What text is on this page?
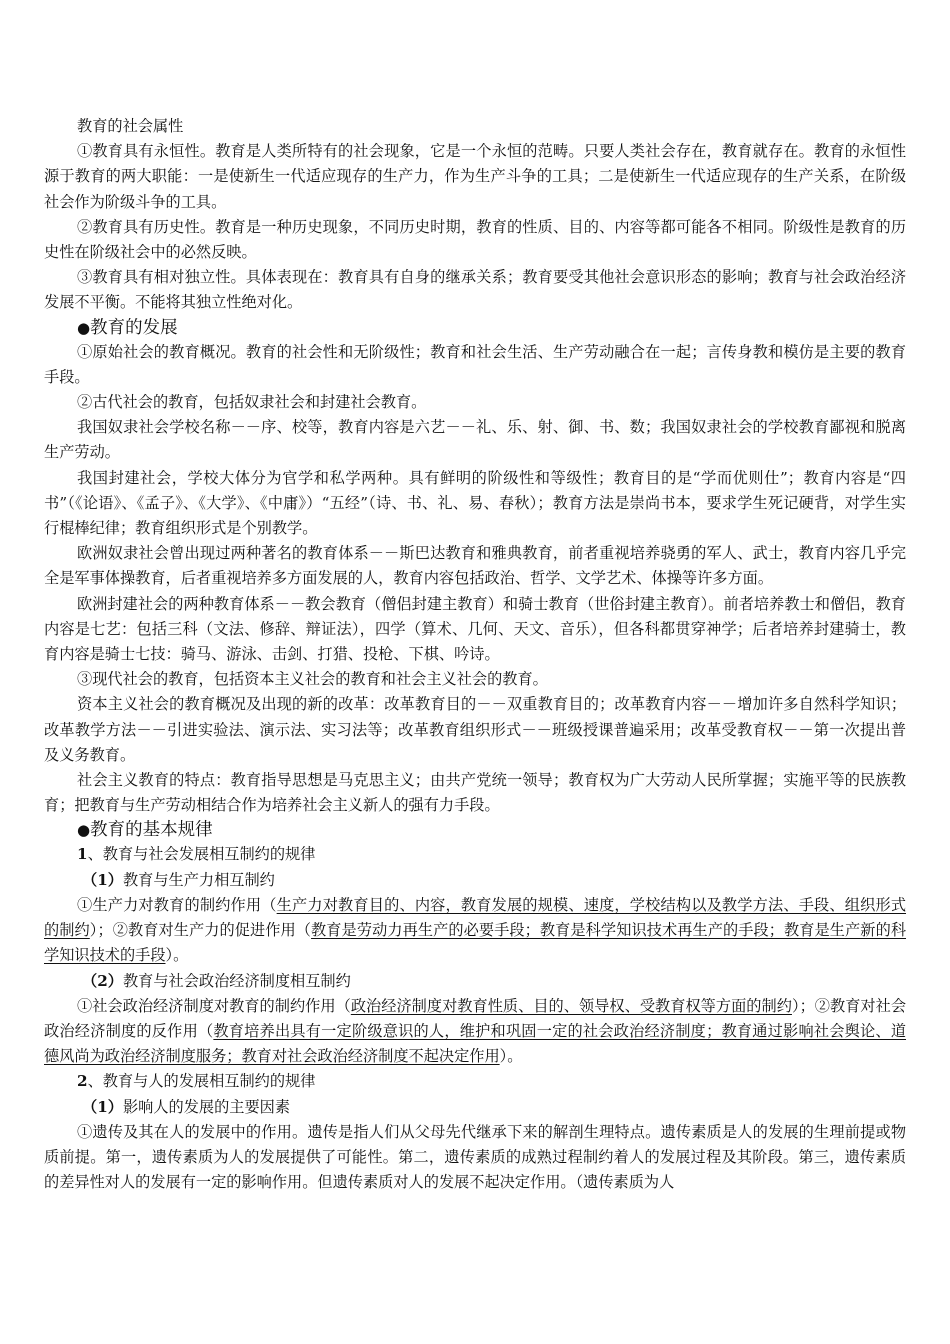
教育的社会属性

①教育具有永恒性。教育是人类所特有的社会现象，它是一个永恒的范畴。只要人类社会存在，教育就存在。教育的永恒性源于教育的两大职能：一是使新生一代适应现存的生产力，作为生产斗争的工具；二是使新生一代适应现存的生产关系，在阶级社会作为阶级斗争的工具。

②教育具有历史性。教育是一种历史现象，不同历史时期，教育的性质、目的、内容等都可能各不相同。阶级性是教育的历史性在阶级社会中的必然反映。

③教育具有相对独立性。具体表现在：教育具有自身的继承关系；教育要受其他社会意识形态的影响；教育与社会政治经济发展不平衡。不能将其独立性绝对化。

●教育的发展

①原始社会的教育概况。教育的社会性和无阶级性；教育和社会生活、生产劳动融合在一起；言传身教和模仿是主要的教育手段。

②古代社会的教育，包括奴隶社会和封建社会教育。

我国奴隶社会学校名称－－序、校等，教育内容是六艺－－礼、乐、射、御、书、数；我国奴隶社会的学校教育鄙视和脱离生产劳动。

我国封建社会，学校大体分为官学和私学两种。具有鲜明的阶级性和等级性；教育目的是“学而优则仕”；教育内容是“四书”（《论语》、《孟子》、《大学》、《中庸》）“五经”（诗、书、礼、易、春秋）；教育方法是崇尚书本，要求学生死记硬背，对学生实行棍棒纪律；教育组织形式是个别教学。

欧洲奴隶社会曾出现过两种著名的教育体系－－斯巴达教育和雅典教育，前者重视培养骁勇的军人、武士，教育内容几乎完全是军事体操教育，后者重视培养多方面发展的人，教育内容包括政治、哲学、文学艺术、体操等许多方面。

欧洲封建社会的两种教育体系－－教会教育（僧侣封建主教育）和骑士教育（世俗封建主教育）。前者培养教士和僧侣，教育内容是七艺：包括三科（文法、修辞、辩证法），四学（算术、几何、天文、音乐），但各科都贯穿神学；后者培养封建骑士，教育内容是骑士七技：骑马、游泳、击剑、打猎、投枪、下棋、吟诗。

③现代社会的教育，包括资本主义社会的教育和社会主义社会的教育。

资本主义社会的教育概况及出现的新的改革：改革教育目的－－双重教育目的；改革教育内容－－增加许多自然科学知识；改革教学方法－－引进实验法、演示法、实习法等；改革教育组织形式－－班级授课普遍采用；改革受教育权－－第一次提出普及义务教育。

社会主义教育的特点：教育指导思想是马克思主义；由共产党统一领导；教育权为广大劳动人民所掌握；实施平等的民族教育；把教育与生产劳动相结合作为培养社会主义新人的强有力手段。

●教育的基本规律

1、教育与社会发展相互制约的规律

（1）教育与生产力相互制约

①生产力对教育的制约作用（生产力对教育目的、内容，教育发展的规模、速度，学校结构以及教学方法、手段、组织形式的制约）；②教育对生产力的促进作用（教育是劳动力再生产的必要手段；教育是科学知识技术再生产的手段；教育是生产新的科学知识技术的手段）。

（2）教育与社会政治经济制度相互制约

①社会政治经济制度对教育的制约作用（政治经济制度对教育性质、目的、领导权、受教育权等方面的制约）；②教育对社会政治经济制度的反作用（教育培养出具有一定阶级意识的人，维护和巩固一定的社会政治经济制度；教育通过影响社会舆论、道德风尚为政治经济制度服务；教育对社会政治经济制度不起决定作用）。

2、教育与人的发展相互制约的规律

（1）影响人的发展的主要因素

①遗传及其在人的发展中的作用。遗传是指人们从父母先代继承下来的解剖生理特点。遗传素质是人的发展的生理前提或物质前提。第一，遗传素质为人的发展提供了可能性。第二，遗传素质的成熟过程制约着人的发展过程及其阶段。第三，遗传素质的差异性对人的发展有一定的影响作用。但遗传素质对人的发展不起决定作用。（遗传素质为人
